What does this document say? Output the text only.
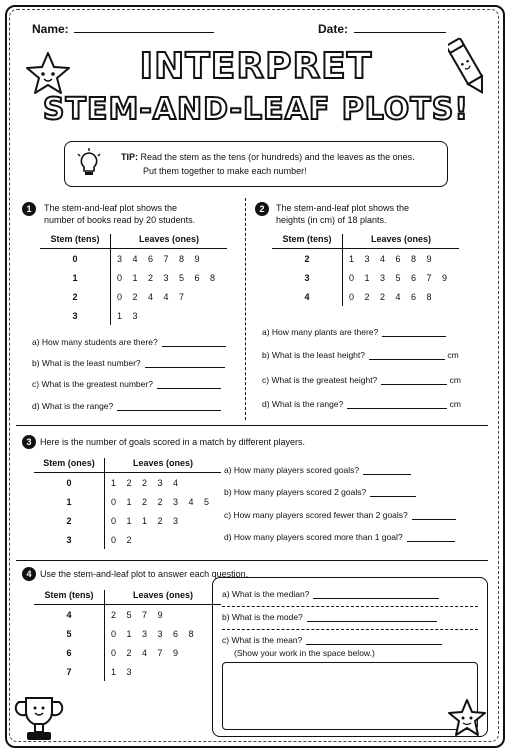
Name:	Date:
INTERPRET
STEM-AND-LEAF PLOTS!
TIP: Read the stem as the tens (or hundreds) and the leaves as the ones.
Put them together to make each number!
1	The stem-and-leaf plot shows the
number of books read by 20 students.
Stem (tens)	Leaves (ones)
0	3 4 6 7 8 9
1	0 1 2 3 5 6 8
2	0 2 4 4 7
3	1 3
a) How many students are there?
b) What is the least number?
c) What is the greatest number?
d) What is the range?
2	The stem-and-leaf plot shows the
heights (in cm) of 18 plants.
Stem (tens)	Leaves (ones)
2	1 3 4 6 8 9
3	0 1 3 5 6 7 9
4	0 2 2 4 6 8
a) How many plants are there?
b) What is the least height?	cm
c) What is the greatest height?	cm
d) What is the range?	cm
3 Here is the number of goals scored in a match by different players.
Stem (ones)	Leaves (ones)
0	1 2 2 3 4
1	0 1 2 2 3 4 5
2	0 1 1 2 3
3	0 2
a) How many players scored goals?
b) How many players scored 2 goals?
c) How many players scored fewer than 2 goals?
d) How many players scored more than 1 goal?
4 Use the stem-and-leaf plot to answer each question.
Stem (tens)	Leaves (ones)
4	2 5 7 9
5	0 1 3 3 6 8
6	0 2 4 7 9
7	1 3
a) What is the median?
b) What is the mode?
c) What is the mean?
(Show your work in the space below.)
